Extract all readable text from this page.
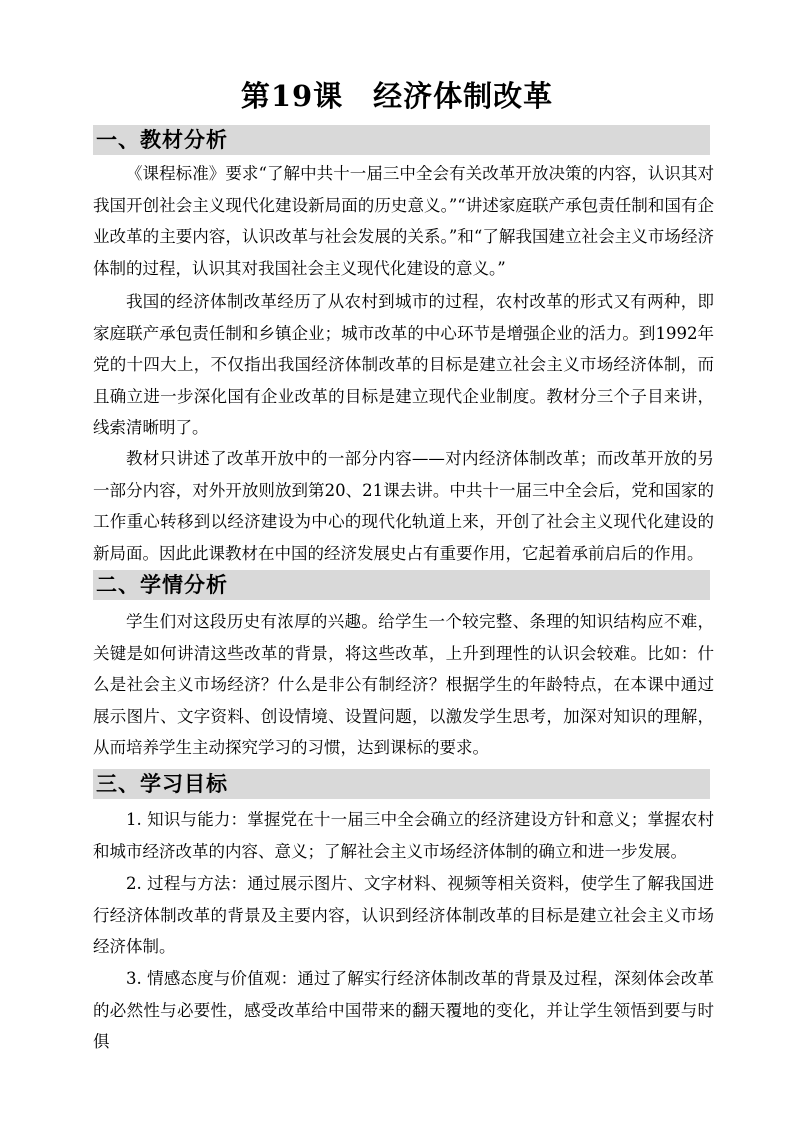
第19课　经济体制改革
一、教材分析

《课程标准》要求“了解中共十一届三中全会有关改革开放决策的内容，认识其对我国开创社会主义现代化建设新局面的历史意义。”“讲述家庭联产承包责任制和国有企业改革的主要内容，认识改革与社会发展的关系。”和“了解我国建立社会主义市场经济体制的过程，认识其对我国社会主义现代化建设的意义。”

我国的经济体制改革经历了从农村到城市的过程，农村改革的形式又有两种，即家庭联产承包责任制和乡镇企业；城市改革的中心环节是增强企业的活力。到1992年党的十四大上，不仅指出我国经济体制改革的目标是建立社会主义市场经济体制，而且确立进一步深化国有企业改革的目标是建立现代企业制度。教材分三个子目来讲，线索清晰明了。

教材只讲述了改革开放中的一部分内容——对内经济体制改革；而改革开放的另一部分内容，对外开放则放到第20、21课去讲。中共十一届三中全会后，党和国家的工作重心转移到以经济建设为中心的现代化轨道上来，开创了社会主义现代化建设的新局面。因此此课教材在中国的经济发展史占有重要作用，它起着承前启后的作用。

二、学情分析

学生们对这段历史有浓厚的兴趣。给学生一个较完整、条理的知识结构应不难，关键是如何讲清这些改革的背景，将这些改革，上升到理性的认识会较难。比如：什么是社会主义市场经济？什么是非公有制经济？根据学生的年龄特点，在本课中通过展示图片、文字资料、创设情境、设置问题，以激发学生思考，加深对知识的理解，从而培养学生主动探究学习的习惯，达到课标的要求。

三、学习目标

1. 知识与能力：掌握党在十一届三中全会确立的经济建设方针和意义；掌握农村和城市经济改革的内容、意义；了解社会主义市场经济体制的确立和进一步发展。

2. 过程与方法：通过展示图片、文字材料、视频等相关资料，使学生了解我国进行经济体制改革的背景及主要内容，认识到经济体制改革的目标是建立社会主义市场经济体制。

3. 情感态度与价值观：通过了解实行经济体制改革的背景及过程，深刻体会改革的必然性与必要性，感受改革给中国带来的翻天覆地的变化，并让学生领悟到要与时俱
